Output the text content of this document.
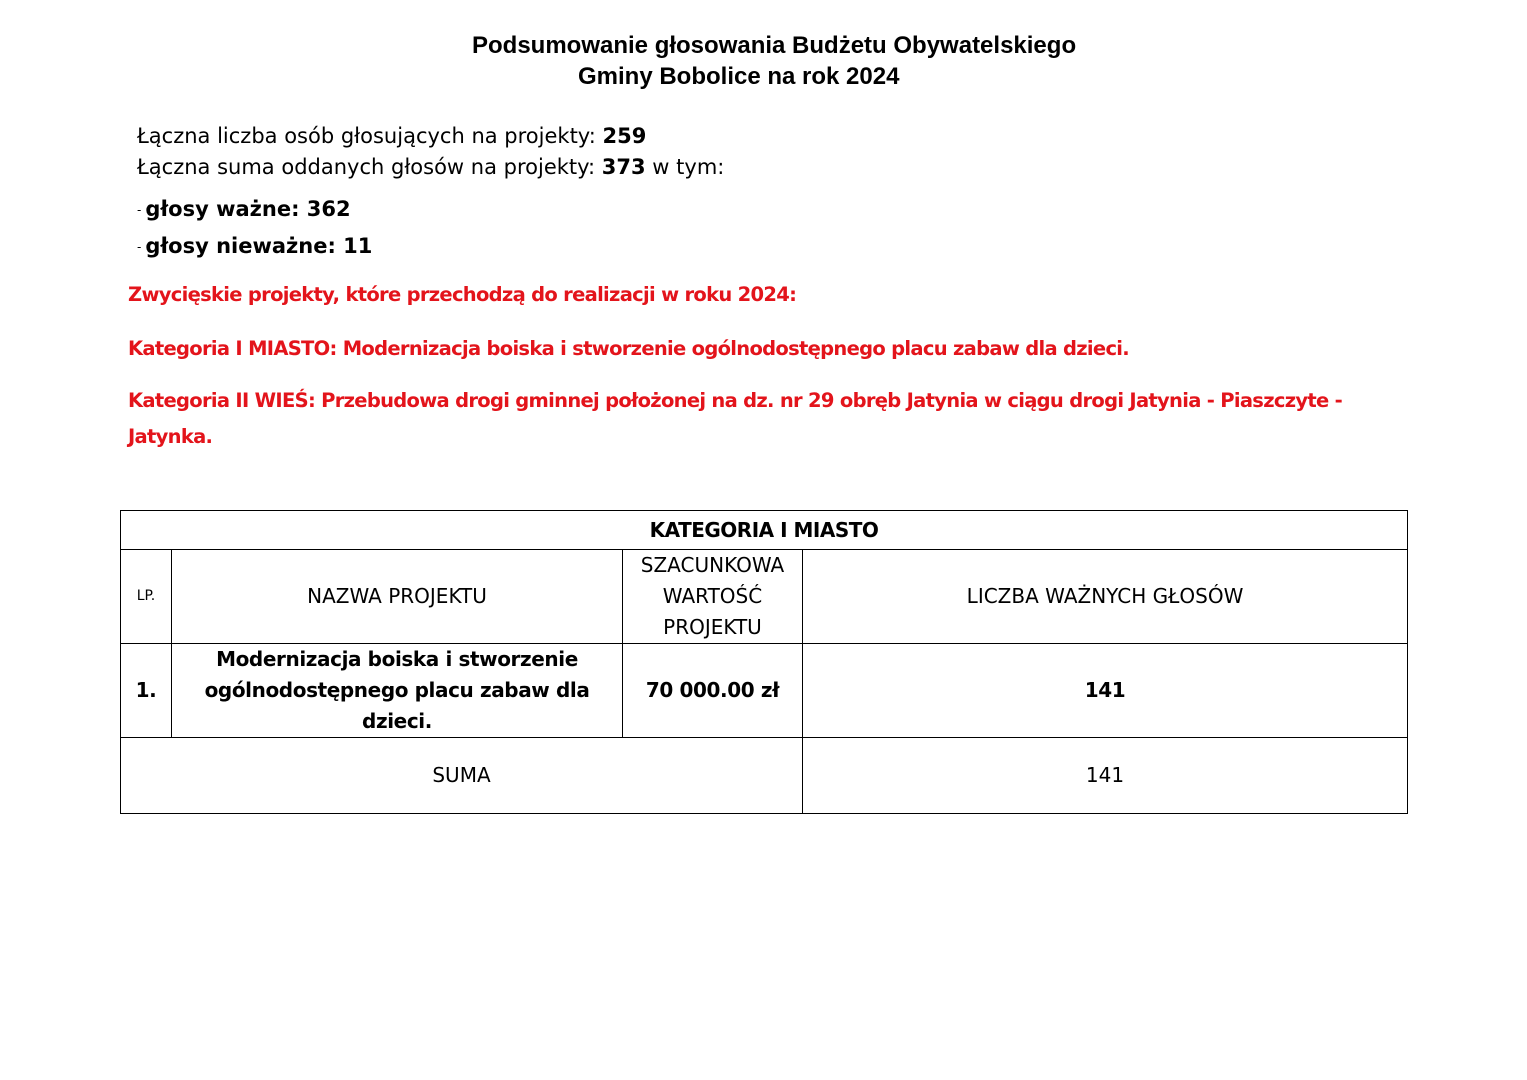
Podsumowanie głosowania Budżetu Obywatelskiego
Gminy Bobolice na rok 2024
Łączna liczba osób głosujących na projekty: 259
Łączna suma oddanych głosów na projekty: 373 w tym:
- głosy ważne: 362
- głosy nieważne: 11
Zwycięskie projekty, które przechodzą do realizacji w roku 2024:
Kategoria I MIASTO: Modernizacja boiska i stworzenie ogólnodostępnego placu zabaw dla dzieci.
Kategoria II WIEŚ: Przebudowa drogi gminnej położonej na dz. nr 29 obręb Jatynia w ciągu drogi Jatynia - Piaszczyte -
Jatynka.
KATEGORIA I MIASTO			
LP.	NAZWA PROJEKTU	SZACUNKOWA WARTOŚĆ PROJEKTU	LICZBA WAŻNYCH GŁOSÓW
1.	Modernizacja boiska i stworzenie ogólnodostępnego placu zabaw dla dzieci.	70 000.00 zł	141
SUMA			141
